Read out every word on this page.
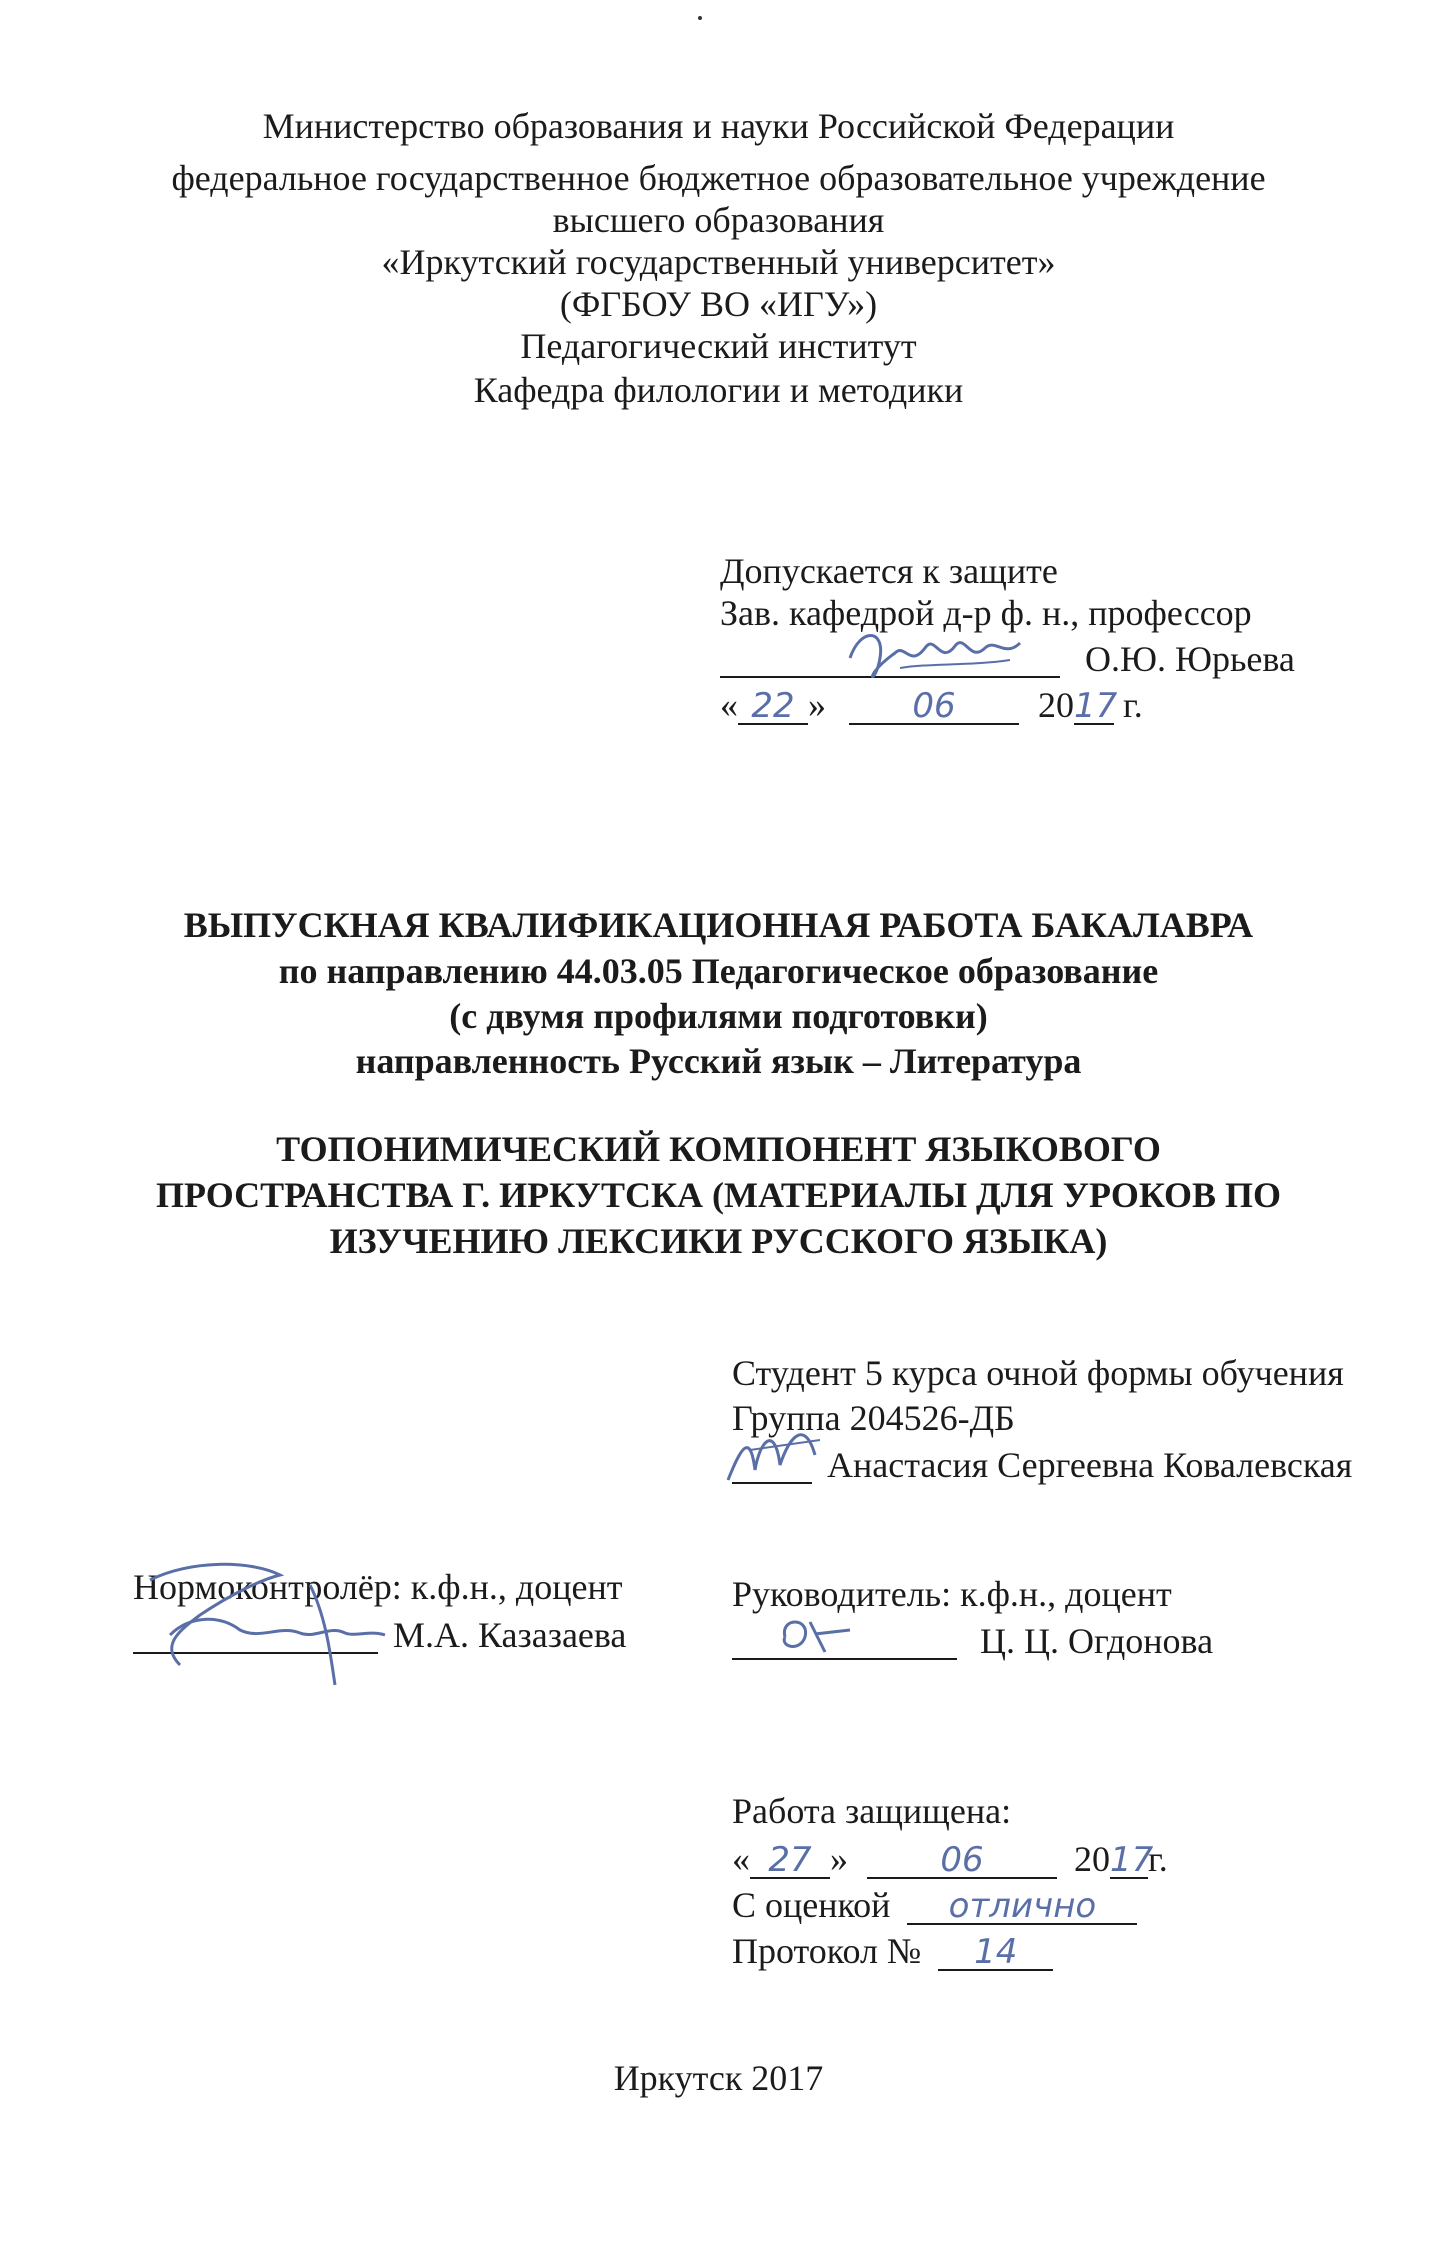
Министерство образования и науки Российской Федерации
федеральное государственное бюджетное образовательное учреждение
высшего образования
«Иркутский государственный университет»
(ФГБОУ ВО «ИГУ»)
Педагогический институт
Кафедра филологии и методики
Допускается к защите
Зав. кафедрой д-р ф. н., профессор
О.Ю. Юрьева
« 22 »	06 2017 г.
ВЫПУСКНАЯ КВАЛИФИКАЦИОННАЯ РАБОТА БАКАЛАВРА
по направлению 44.03.05 Педагогическое образование
(с двумя профилями подготовки)
направленность Русский язык – Литература
ТОПОНИМИЧЕСКИЙ КОМПОНЕНТ ЯЗЫКОВОГО
ПРОСТРАНСТВА Г. ИРКУТСКА (МАТЕРИАЛЫ ДЛЯ УРОКОВ ПО
ИЗУЧЕНИЮ ЛЕКСИКИ РУССКОГО ЯЗЫКА)
Студент 5 курса очной формы обучения
Группа 204526-ДБ
Анастасия Сергеевна Ковалевская
Нормоконтролёр: к.ф.н., доцент
М.А. Казазаева
Руководитель: к.ф.н., доцент
Ц. Ц. Огдонова
Работа защищена:
« 27 »	06	2017г.
С оценкой отлично
Протокол № 14
Иркутск 2017
